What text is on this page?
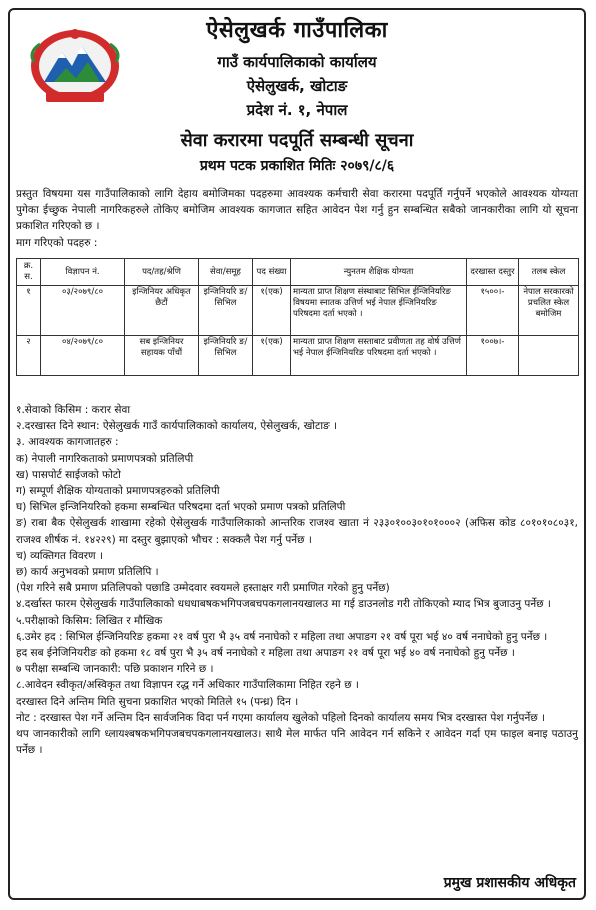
ऐसेलुखर्क गाउँपालिका
गाउँ कार्यपालिकाको कार्यालय
ऐसेलुखर्क, खोटाङ
प्रदेश नं. १, नेपाल
सेवा करारमा पदपूर्ति सम्बन्धी सूचना
प्रथम पटक प्रकाशित मितिः २०७९/८/६
प्रस्तुत विषयमा यस गाउँपालिकाको लागि देहाय बमोजिमका पदहरुमा आवश्यक कर्मचारी सेवा करारमा पदपूर्ति गर्नुपर्ने भएकोले आवश्यक योग्यता पुगेका ईच्छुक नेपाली नागरिकहरुले तोकिए बमोजिम आवश्यक कागजात सहित आवेदन पेश गर्नु हुन सम्बन्धित सबैको जानकारीका लागि यो सूचना प्रकाशित गरिएको छ ।
माग गरिएको पदहरु :
क्र. स.	विज्ञापन नं.	पद/तह/श्रेणि	सेवा/समूह	पद संख्या	न्युनतम शैक्षिक योग्यता	दरखास्त दस्तुर	तलब स्केल
१	०३/२०७९/८०	इन्जिनियर अधिकृत छैटौं	इन्जिनियरि ङ/ सिभिल	१(एक)	मान्यता प्राप्त शिक्षण संस्थाबाट सिभिल ईन्जिनियरिङ विषयमा स्नातक उत्तिर्ण भई नेपाल ईन्जिनियरिङ परिषदमा दर्ता भएको ।	१५००।-	नेपाल सरकारको प्रचलित स्केल बमोजिम
२	०४/२०७९/८०	सब इन्जिनियर सहायक पाँचौं	इन्जिनियरि ङ/ सिभिल	१(एक)	मान्यता प्राप्त शिक्षण सस्ताबाट प्रवीणता तह वोर्ष उत्तिर्ण भई नेपाल ईन्जिनियरिङ परिषदमा दर्ता भएको ।	१००७।-	
१.सेवाको किसिम : करार सेवा
२.दरखास्त दिने स्थान: ऐसेलुखर्क गाउँ कार्यपालिकाको कार्यालय, ऐसेलुखर्क, खोटाङ ।
३. आवश्यक कागजातहरु :
क) नेपाली नागरिकताको प्रमाणपत्रको प्रतिलिपी
ख) पासपोर्ट साईजको फोटो
ग) सम्पूर्ण शैक्षिक योग्यताको प्रमाणपत्रहरुको प्रतिलिपी
घ) सिभिल इन्जिनियरिको हकमा सम्बन्धित परिषदमा दर्ता भएको प्रमाण पत्रको प्रतिलिपी
ङ) राबा बैक ऐसेलुखर्क शाखामा रहेको ऐसेलुखर्क गाउँपालिकाको आन्तरिक राजश्व खाता नं २३३०१००३०१०१०००२ (अफिस कोड ८०१०१०८०३१, राजश्व शीर्षक नं. १४२२९) मा दस्तुर बुझाएको भौचर : सक्कलै पेश गर्नु पर्नेछ ।
च) व्यक्तिगत विवरण ।
छ) कार्य अनुभवको प्रमाण प्रतिलिपि ।
(पेश गरिने सबै प्रमाण प्रतिलिपको पछाडि उम्मेदवार स्वयमले हस्ताक्षर गरी प्रमाणित गरेको हुनु पर्नेछ)
४.दर्खास्त फारम ऐसेलुखर्क गाउँपालिकाको धधधाबषकभगिपजबचपकगलानयखालउ मा गई डाउनलोड गरी तोकिएको म्याद भित्र बुजाउनु पर्नेछ ।
५.परीक्षाको किसिम: लिखित र मौखिक
६.उमेर हद : सिभिल ईन्जिनियरिङ हकमा २१ वर्ष पुरा भै ३५ वर्ष ननाघेको र महिला तथा अपाङग २१ वर्ष पूरा भई ४० वर्ष ननाघेको हुनु पर्नेछ ।
हद सब ईनेजिनियरीङ को हकमा १८ वर्ष पुरा भै ३५ वर्ष ननाघेको र महिला तथा अपाङग २१ वर्ष पूरा भई ४० वर्ष ननाघेको हुनु पर्नेछ ।
७ परीक्षा सम्बन्धि जानकारी: पछि प्रकाशन गरिने छ ।
८.आवेदन स्वीकृत/अस्विकृत तथा विज्ञापन रद्ध गर्ने अधिकार गाउँपालिकामा निहित रहने छ ।
दरखास्त दिने अन्तिम मिति सुचना प्रकाशित भएको मितिले १५ (पन्ध्र) दिन ।
नोट : दरखास्त पेश गर्ने अन्तिम दिन सार्वजनिक विदा पर्न गएमा कार्यालय खुलेको पहिलो दिनको कार्यालय समय भित्र दरखास्त पेश गर्नुपर्नेछ ।
थप जानकारीको लागि ध्लायश्बषकभगिपजबचपकगलानयखालउ। साथै मेल मार्फत पनि आवेदन गर्न सकिने र आवेदन गर्दा एम फाइल बनाइ पठाउनु पर्नेछ ।
प्रमुख प्रशासकीय अधिकृत
